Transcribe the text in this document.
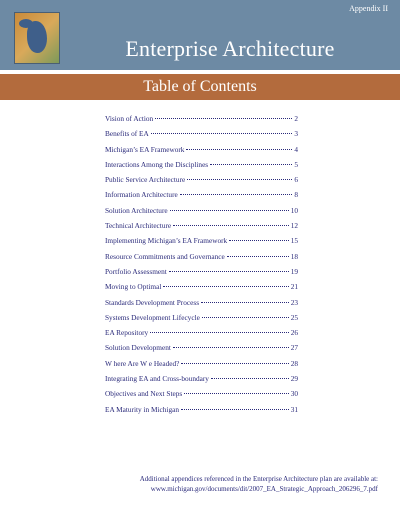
Appendix II
Enterprise Architecture
Table of Contents
Vision of Action	2
Benefits of EA	3
Michigan’s EA Framework	4
Interactions Among the Disciplines	5
Public Service Architecture	6
Information Architecture	8
Solution Architecture	10
Technical Architecture	12
Implementing Michigan’s EA Framework	15
Resource Commitments and Governance	18
Portfolio Assessment	19
Moving to Optimal	21
Standards Development Process	23
Systems Development Lifecycle	25
EA Repository	26
Solution Development	27
W here Are W e Headed?	28
Integrating EA and Cross-boundary	29
Objectives and Next Steps	30
EA Maturity in Michigan	31
Additional appendices referenced in the Enterprise Architecture plan are available at:
www.michigan.gov/documents/dit/2007_EA_Strategic_Approach_206296_7.pdf
